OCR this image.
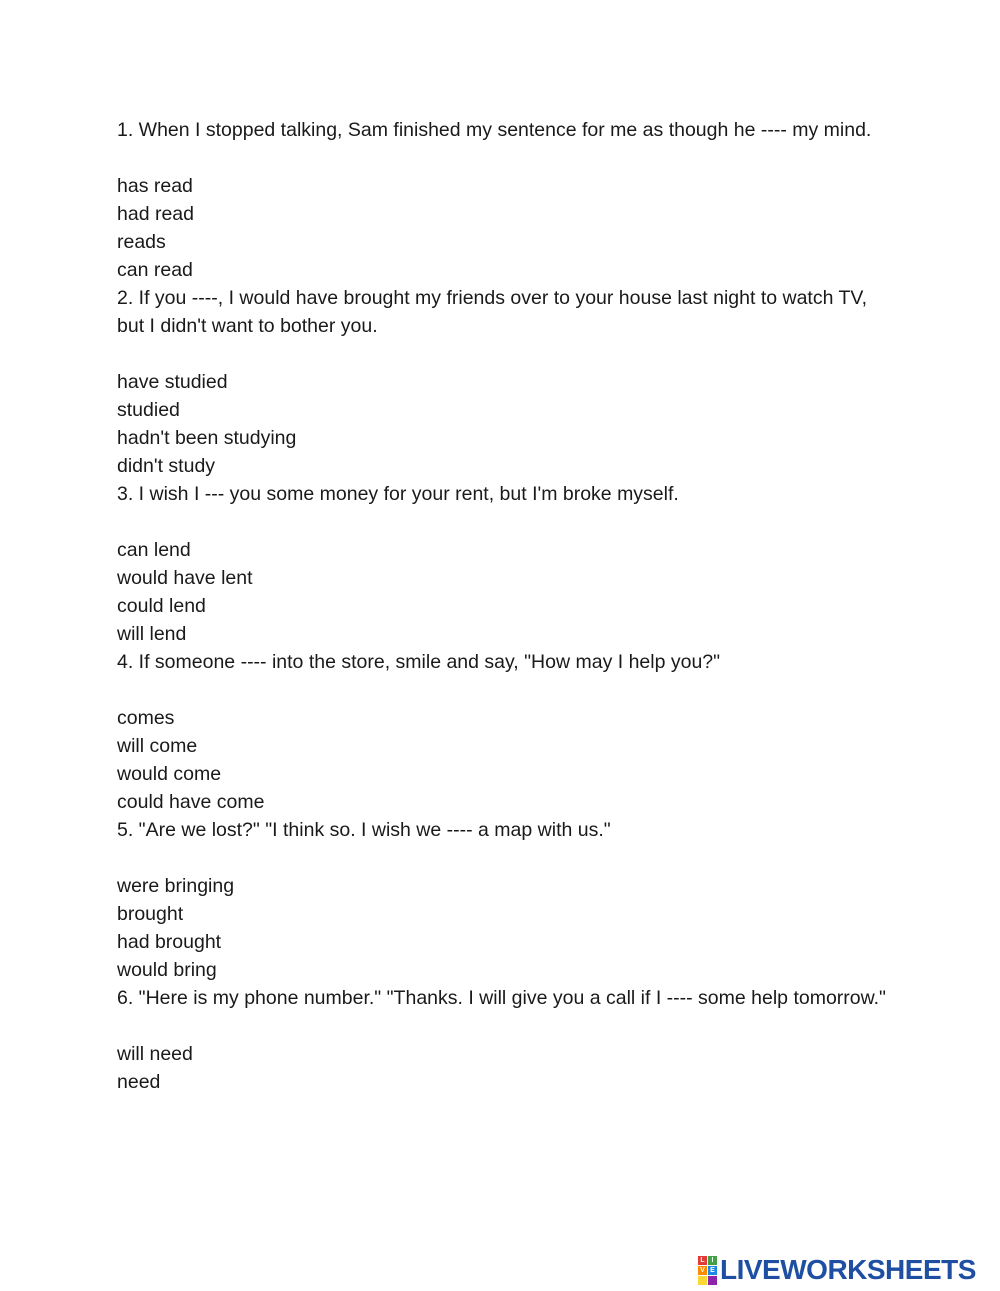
1. When I stopped talking, Sam finished my sentence for me as though he ---- my mind.

has read
had read
reads
can read

2. If you ----, I would have brought my friends over to your house last night to watch TV, but I didn't want to bother you.

have studied
studied
hadn't been studying
didn't study

3. I wish I --- you some money for your rent, but I'm broke myself.

can lend
would have lent
could lend
will lend

4. If someone ---- into the store, smile and say, "How may I help you?"

comes
will come
would come
could have come

5. "Are we lost?" "I think so. I wish we ---- a map with us."

were bringing
brought
had brought
would bring

6. "Here is my phone number." "Thanks. I will give you a call if I ---- some help tomorrow."

will need
need
L I
V E LIVEWORKSHEETS
